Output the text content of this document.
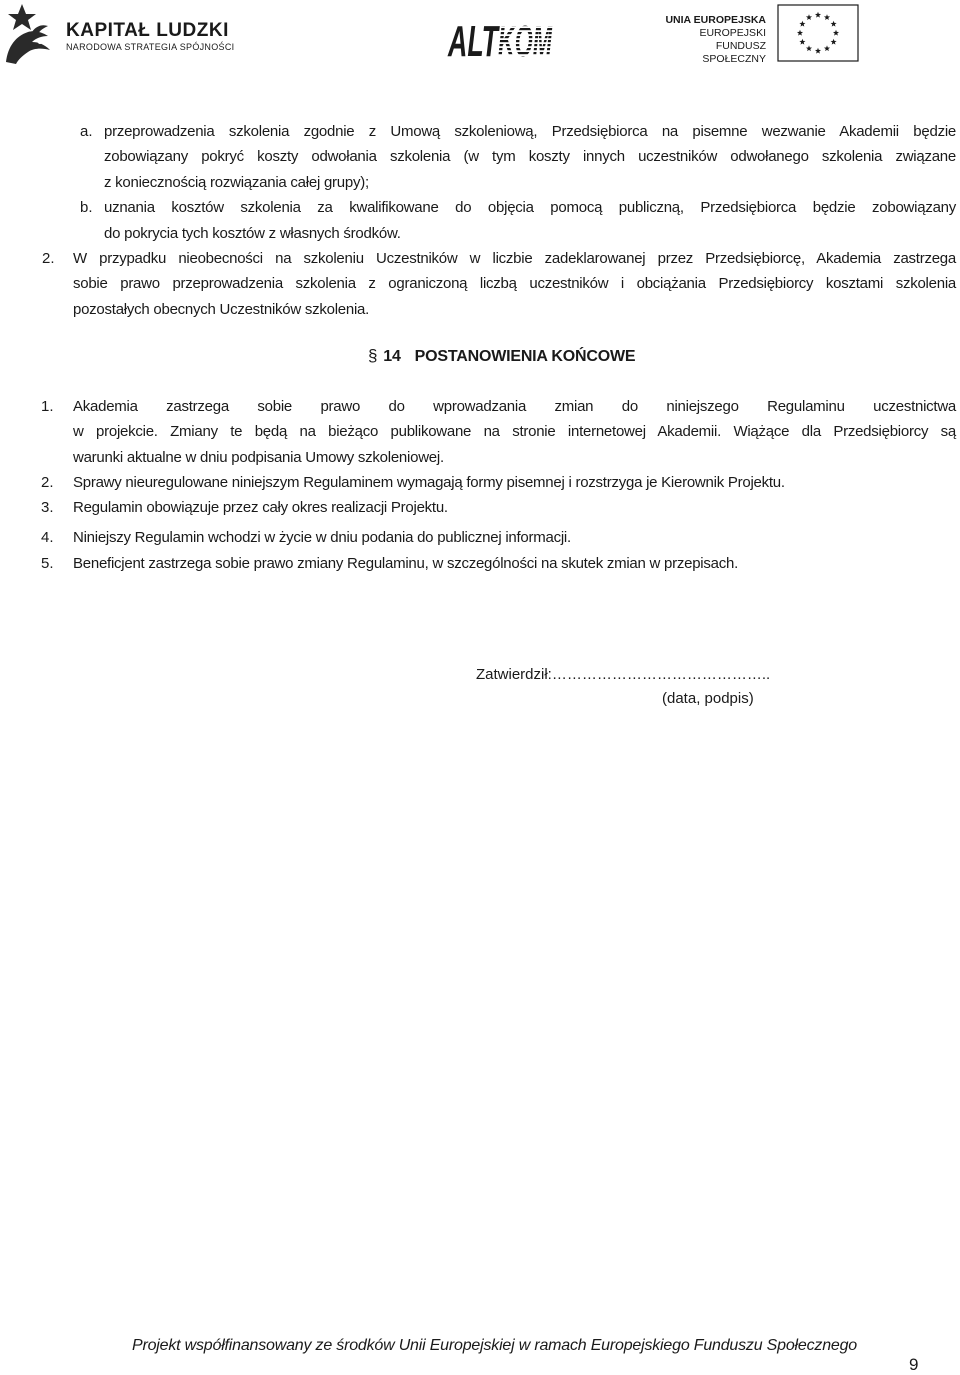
KAPITAŁ LUDZKI
NARODOWA STRATEGIA SPÓJNOŚCI	ALT
KOM	UNIA EUROPEJSKA
EUROPEJSKI
FUNDUSZ SPOŁECZNY
a. przeprowadzenia szkolenia zgodnie z Umową szkoleniową, Przedsiębiorca na pisemne wezwanie Akademii będzie
zobowiązany pokryć koszty odwołania szkolenia (w tym koszty innych uczestników odwołanego szkolenia związane
z koniecznością rozwiązania całej grupy);
b. uznania kosztów szkolenia za kwalifikowane do objęcia pomocą publiczną, Przedsiębiorca będzie zobowiązany
do pokrycia tych kosztów z własnych środków.
2. W przypadku nieobecności na szkoleniu Uczestników w liczbie zadeklarowanej przez Przedsiębiorcę, Akademia zastrzega
sobie prawo przeprowadzenia szkolenia z ograniczoną liczbą uczestników i obciążania Przedsiębiorcy kosztami szkolenia
pozostałych obecnych Uczestników szkolenia.
§ 14 POSTANOWIENIA KOŃCOWE
1. Akademia zastrzega sobie prawo do wprowadzania zmian do niniejszego Regulaminu uczestnictwa
w projekcie. Zmiany te będą na bieżąco publikowane na stronie internetowej Akademii. Wiążące dla Przedsiębiorcy są
warunki aktualne w dniu podpisania Umowy szkoleniowej.
2. Sprawy nieuregulowane niniejszym Regulaminem wymagają formy pisemnej i rozstrzyga je Kierownik Projektu.
3. Regulamin obowiązuje przez cały okres realizacji Projektu.
4. Niniejszy Regulamin wchodzi w życie w dniu podania do publicznej informacji.
5. Beneficjent zastrzega sobie prawo zmiany Regulaminu, w szczególności na skutek zmian w przepisach.
Zatwierdził:……………………………………..
(data, podpis)
Projekt współfinansowany ze środków Unii Europejskiej w ramach Europejskiego Funduszu Społecznego
9
